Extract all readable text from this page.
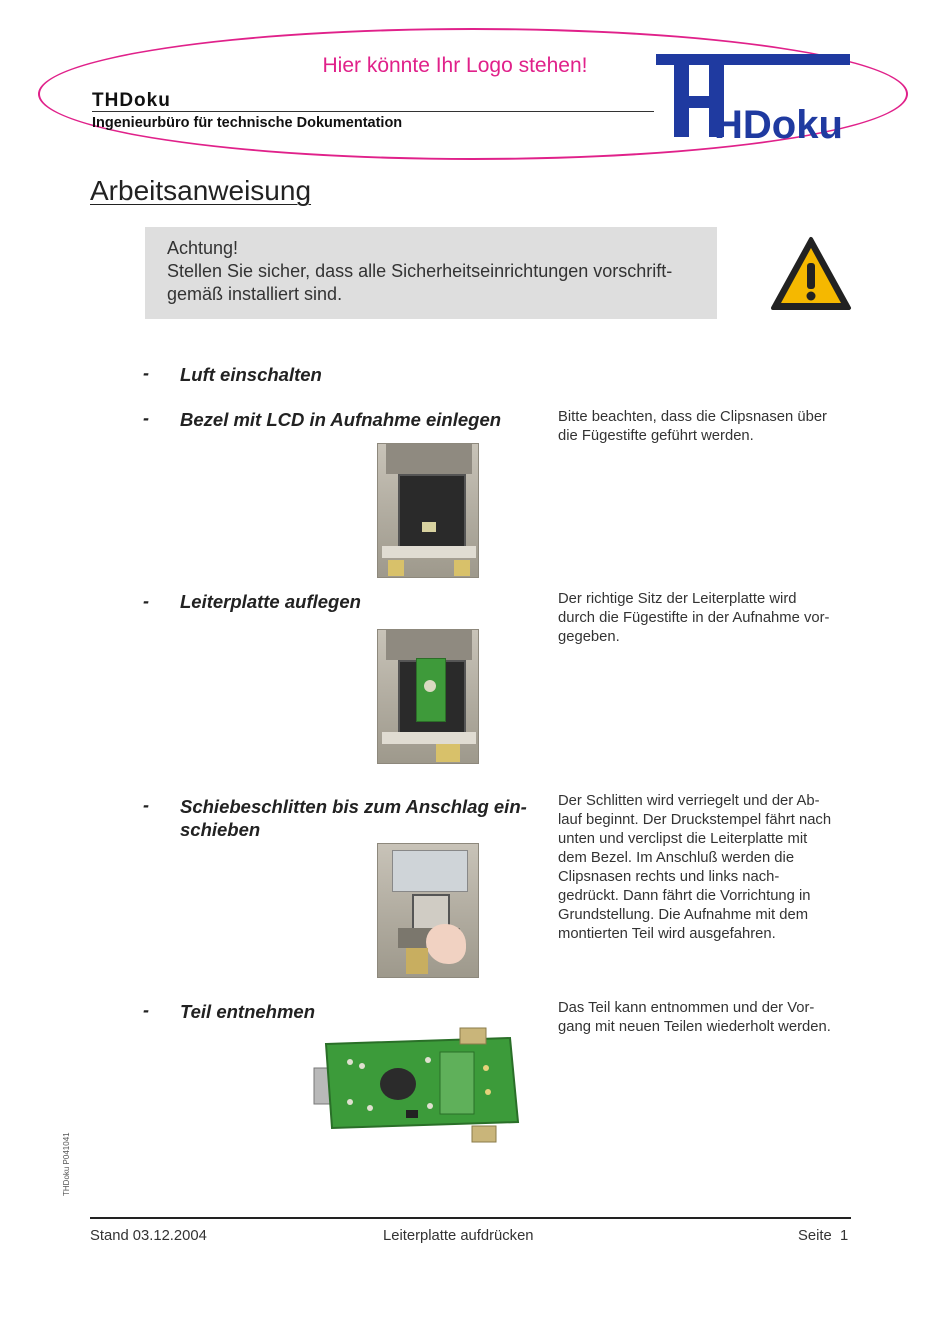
Hier könnte Ihr Logo stehen!
THDoku
Ingenieurbüro für technische Dokumentation	HDoku
Arbeitsanweisung

Achtung!

Stellen Sie sicher, dass alle Sicherheitseinrichtungen vorschrift-

gemäß installiert sind.

- Luft einschalten
- Bezel mit LCD in Aufnahme einlegen	Bitte beachten, dass die Clipsnasen über
die Fügestifte geführt werden.
- Leiterplatte auflegen	Der richtige Sitz der Leiterplatte wird
durch die Fügestifte in der Aufnahme vor-
gegeben.
- Schiebeschlitten bis zum Anschlag ein-
schieben
Der Schlitten wird verriegelt und der Ab-
lauf beginnt. Der Druckstempel fährt nach
unten und verclipst die Leiterplatte mit
dem Bezel. Im Anschluß werden die
Clipsnasen rechts und links nach-
gedrückt. Dann fährt die Vorrichtung in
Grundstellung. Die Aufnahme mit dem
montierten Teil wird ausgefahren.
- Teil entnehmen	Das Teil kann entnommen und der Vor-
gang mit neuen Teilen wiederholt werden.
THDoku P041041
Stand 03.12.2004	Leiterplatte aufdrücken	Seite  1
